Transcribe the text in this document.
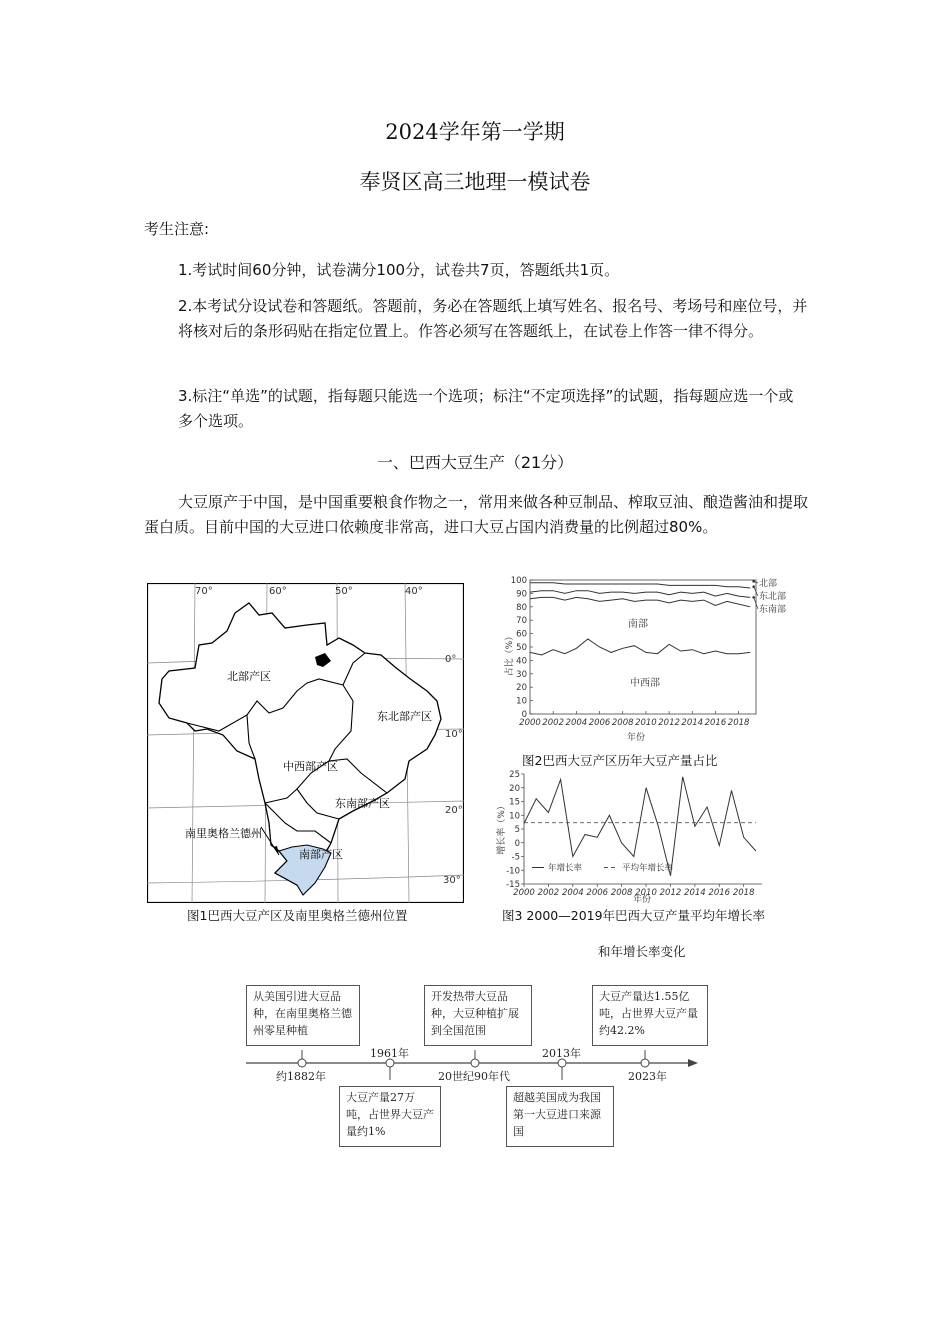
2024学年第一学期
奉贤区高三地理一模试卷
考生注意:
1.考试时间60分钟，试卷满分100分，试卷共7页，答题纸共1页。
2.本考试分设试卷和答题纸。答题前，务必在答题纸上填写姓名、报名号、考场号和座位号，并将核对后的条形码贴在指定位置上。作答必须写在答题纸上，在试卷上作答一律不得分。
3.标注“单选”的试题，指每题只能选一个选项；标注“不定项选择”的试题，指每题应选一个或多个选项。
一、巴西大豆生产（21分）
大豆原产于中国，是中国重要粮食作物之一，常用来做各种豆制品、榨取豆油、酿造酱油和提取蛋白质。目前中国的大豆进口依赖度非常高，进口大豆占国内消费量的比例超过80%。
70°	60°	50°	40°
0°
10°
20°
30°
北部产区
东北部产区
中西部产区
东南部产区
南部产区
南里奥格兰德州
图1巴西大豆产区及南里奥格兰德州位置
0
10
20
30
40
50
60
70
80
90
100
2000 2002 2004 2006 2008 2010 2012 2014 2016 2018
占比（%）
年份
北部
东北部
东南部
南部
中西部
图2巴西大豆产区历年大豆产量占比
-15
-10
-5
0
5
10
15
20
25
2000 2002 2004 2006 2008 2010 2012 2014 2016 2018
增长率（%）
年份
年增长率	平均年增长率
图3 2000—2019年巴西大豆产量平均年增长率
和年增长率变化
从美国引进大豆品种，在南里奥格兰德州零星种植
大豆产量27万吨，占世界大豆产量约1%
开发热带大豆品种，大豆种植扩展到全国范围
超越美国成为我国第一大豆进口来源国
大豆产量达1.55亿吨，占世界大豆产量约42.2%
约1882年
1961年
20世纪90年代
2013年
2023年
